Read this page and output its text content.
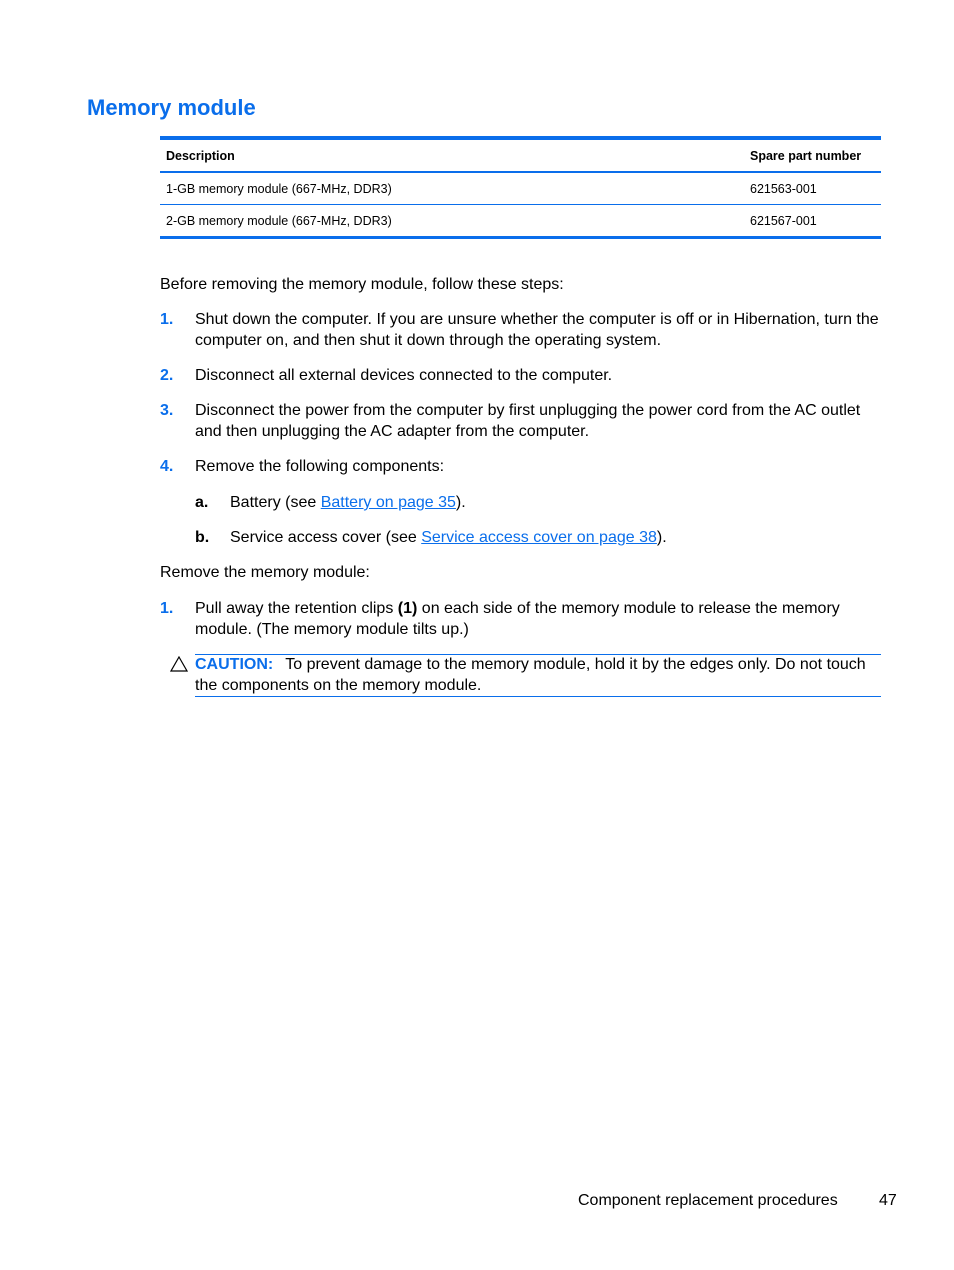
Memory module
Description	Spare part number
1-GB memory module (667-MHz, DDR3)	621563-001
2-GB memory module (667-MHz, DDR3)	621567-001

Before removing the memory module, follow these steps:

1. Shut down the computer. If you are unsure whether the computer is off or in Hibernation, turn the computer on, and then shut it down through the operating system.
2. Disconnect all external devices connected to the computer.
3. Disconnect the power from the computer by first unplugging the power cord from the AC outlet and then unplugging the AC adapter from the computer.
4. Remove the following components:
a. Battery (see Battery on page 35).
b. Service access cover (see Service access cover on page 38).

Remove the memory module:

1. Pull away the retention clips (1) on each side of the memory module to release the memory module. (The memory module tilts up.)
CAUTION: To prevent damage to the memory module, hold it by the edges only. Do not touch the components on the memory module.
Component replacement procedures	47
